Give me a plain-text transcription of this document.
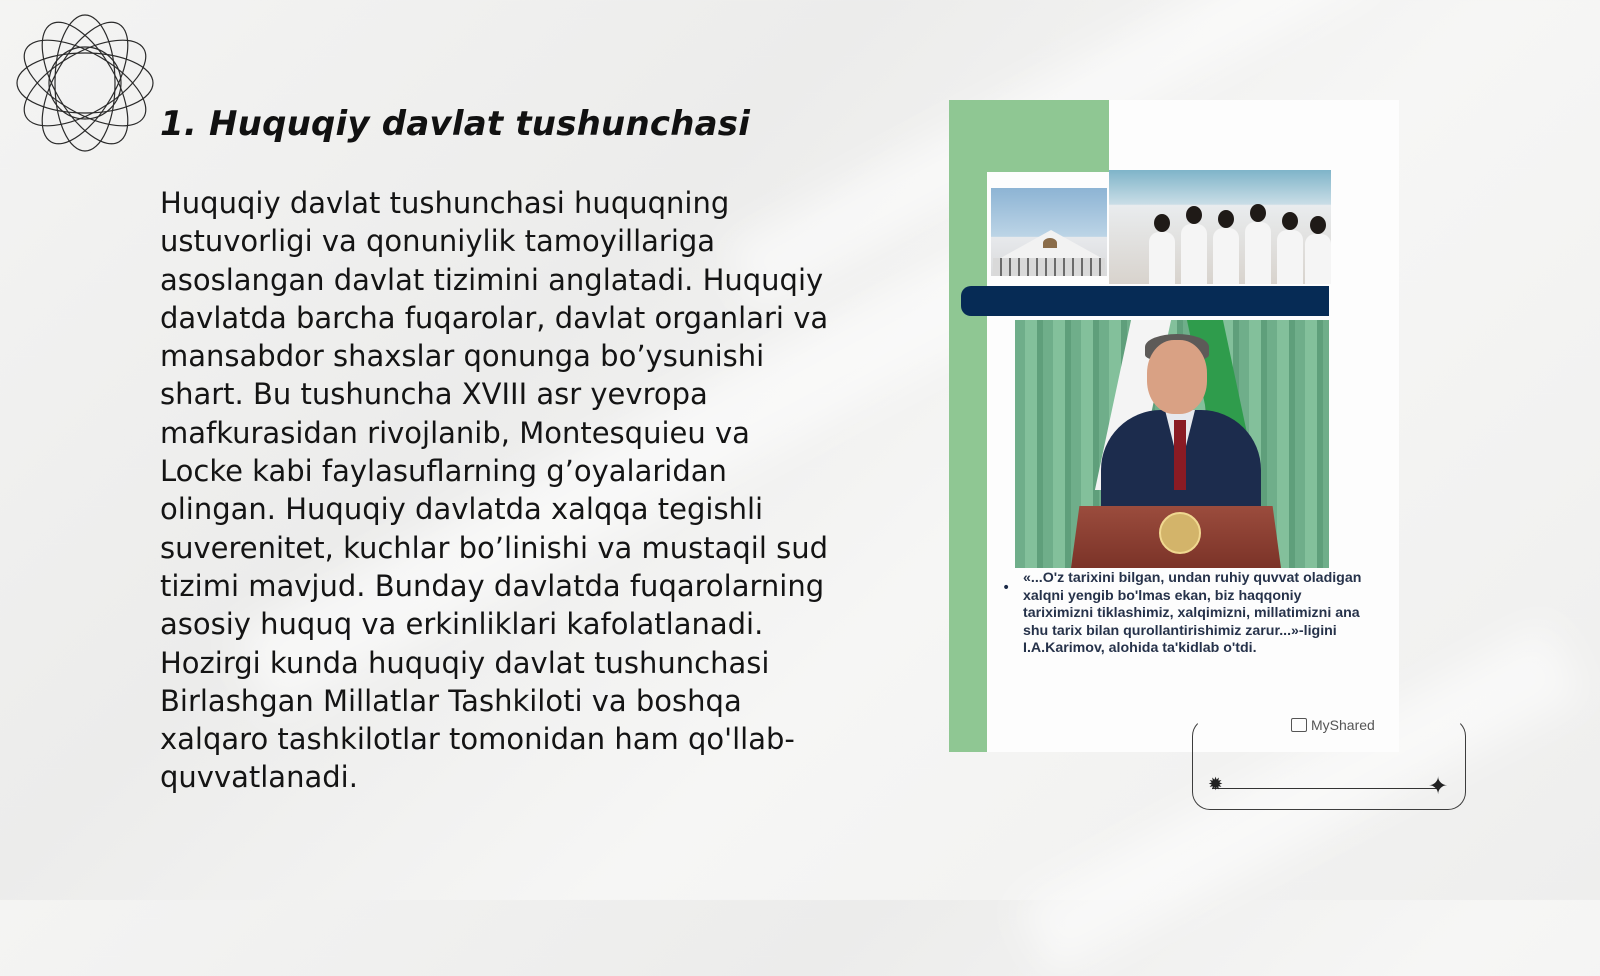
1. Huquqiy davlat tushunchasi

Huquqiy davlat tushunchasi huquqning ustuvorligi va qonuniylik tamoyillariga asoslangan davlat tizimini anglatadi. Huquqiy davlatda barcha fuqarolar, davlat organlari va mansabdor shaxslar qonunga bo’ysunishi shart. Bu tushuncha XVIII asr yevropa mafkurasidan rivojlanib, Montesquieu va Locke kabi faylasuflarning g’oyalaridan olingan. Huquqiy davlatda xalqqa tegishli suverenitet, kuchlar bo’linishi va mustaqil sud tizimi mavjud. Bunday davlatda fuqarolarning asosiy huquq va erkinliklari kafolatlanadi. Hozirgi kunda huquqiy davlat tushunchasi Birlashgan Millatlar Tashkiloti va boshqa xalqaro tashkilotlar tomonidan ham qo'llab-quvvatlanadi.

•

«...O'z tarixini bilgan, undan ruhiy quvvat oladigan xalqni yengib bo'lmas ekan, biz haqqoniy tariximizni tiklashimiz, xalqimizni, millatimizni ana shu tarix bilan qurollantirishimiz zarur...»-ligini I.A.Karimov, alohida ta'kidlab o'tdi.

MyShared
✹	✦
